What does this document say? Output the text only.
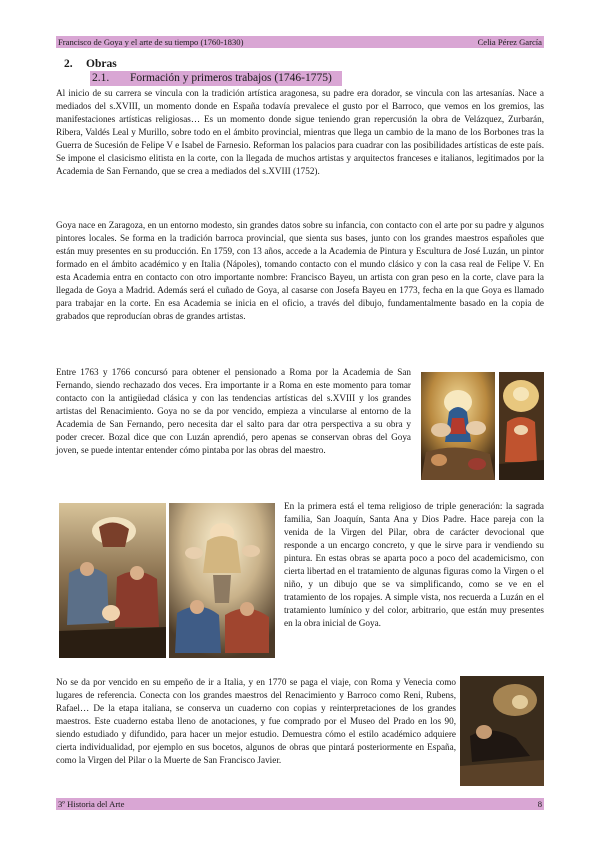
Francisco de Goya y el arte de su tiempo (1760-1830)	Celia Pérez García
2. Obras
2.1. Formación y primeros trabajos (1746-1775)

Al inicio de su carrera se vincula con la tradición artística aragonesa, su padre era dorador, se vincula con las artesanías. Nace a mediados del s.XVIII, un momento donde en España todavía prevalece el gusto por el Barroco, que vemos en los gremios, las manifestaciones artísticas religiosas… Es un momento donde sigue teniendo gran repercusión la obra de Velázquez, Zurbarán, Ribera, Valdés Leal y Murillo, sobre todo en el ámbito provincial, mientras que llega un cambio de la mano de los Borbones tras la Guerra de Sucesión de Felipe V e Isabel de Farnesio. Reforman los palacios para cuadrar con las posibilidades artísticas de este país. Se impone el clasicismo elitista en la corte, con la llegada de muchos artistas y arquitectos franceses e italianos, legitimados por la Academia de San Fernando, que se crea a mediados del s.XVIII (1752).

Goya nace en Zaragoza, en un entorno modesto, sin grandes datos sobre su infancia, con contacto con el arte por su padre y algunos pintores locales. Se forma en la tradición barroca provincial, que sienta sus bases, junto con los grandes maestros españoles que están muy presentes en su producción. En 1759, con 13 años, accede a la Academia de Pintura y Escultura de José Luzán, un pintor formado en el ámbito académico y en Italia (Nápoles), tomando contacto con el mundo clásico y con la casa real de Felipe V. En esta Academia entra en contacto con otro importante nombre: Francisco Bayeu, un artista con gran peso en la corte, clave para la llegada de Goya a Madrid. Además será el cuñado de Goya, al casarse con Josefa Bayeu en 1773, fecha en la que Goya es llamado para trabajar en la corte. En esa Academia se inicia en el oficio, a través del dibujo, fundamentalmente basado en la copia de grabados que reproducían obras de grandes artistas.

Entre 1763 y 1766 concursó para obtener el pensionado a Roma por la Academia de San Fernando, siendo rechazado dos veces. Era importante ir a Roma en este momento para tomar contacto con la antigüedad clásica y con las tendencias artísticas del s.XVIII y los grandes artistas del Renacimiento. Goya no se da por vencido, empieza a vincularse al entorno de la Academia de San Fernando, pero necesita dar el salto para dar otra perspectiva a su obra y poder crecer. Bozal dice que con Luzán aprendió, pero apenas se conservan obras del Goya joven, se puede intentar entender cómo pintaba por las obras del maestro.

En la primera está el tema religioso de triple generación: la sagrada familia, San Joaquín, Santa Ana y Dios Padre. Hace pareja con la venida de la Virgen del Pilar, obra de carácter devocional que responde a un encargo concreto, y que le sirve para ir vendiendo su pintura. En estas obras se aparta poco a poco del academicismo, con cierta libertad en el tratamiento de algunas figuras como la Virgen o el niño, y un dibujo que se va simplificando, como se ve en el tratamiento de los ropajes. A simple vista, nos recuerda a Luzán en el tratamiento lumínico y del color, arbitrario, que están muy presentes en la obra inicial de Goya.

No se da por vencido en su empeño de ir a Italia, y en 1770 se paga el viaje, con Roma y Venecia como lugares de referencia. Conecta con los grandes maestros del Renacimiento y Barroco como Reni, Rubens, Rafael… De la etapa italiana, se conserva un cuaderno con copias y reinterpretaciones de los grandes maestros. Este cuaderno estaba lleno de anotaciones, y fue comprado por el Museo del Prado en los 90, siendo estudiado y difundido, para hacer un mejor estudio. Demuestra cómo el estilo académico adquiere cierta individualidad, por ejemplo en sus bocetos, algunos de obras que pintará posteriormente en España, como la Virgen del Pilar o la Muerte de San Francisco Javier.

3º Historia del Arte	8
